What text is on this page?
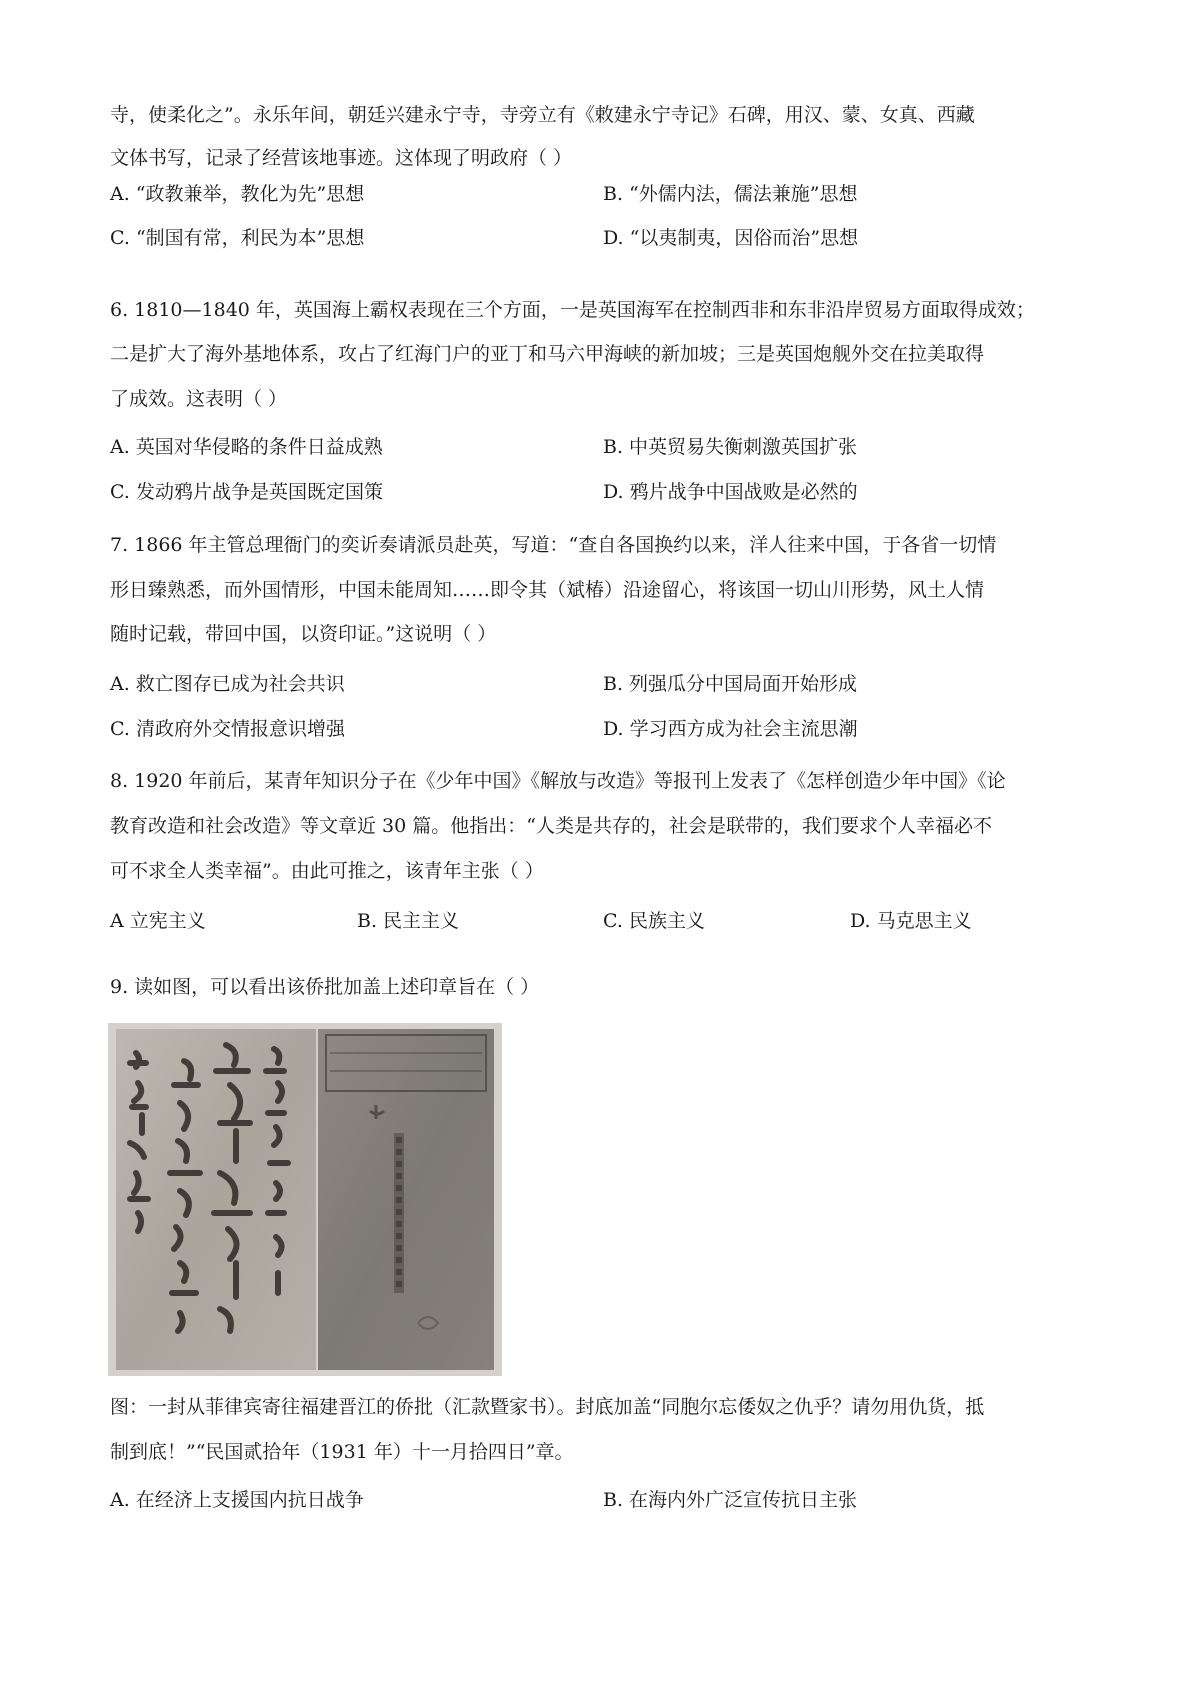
寺，使柔化之”。永乐年间，朝廷兴建永宁寺，寺旁立有《敕建永宁寺记》石碑，用汉、蒙、女真、西藏
文体书写，记录了经营该地事迹。这体现了明政府（ ）
A. “政教兼举，教化为先”思想	B. “外儒内法，儒法兼施”思想
C. “制国有常，利民为本”思想	D. “以夷制夷，因俗而治”思想
6. 1810—1840 年，英国海上霸权表现在三个方面，一是英国海军在控制西非和东非沿岸贸易方面取得成效；
二是扩大了海外基地体系，攻占了红海门户的亚丁和马六甲海峡的新加坡；三是英国炮舰外交在拉美取得
了成效。这表明（ ）
A. 英国对华侵略的条件日益成熟	B. 中英贸易失衡刺激英国扩张
C. 发动鸦片战争是英国既定国策	D. 鸦片战争中国战败是必然的
7. 1866 年主管总理衙门的奕䜣奏请派员赴英，写道：“查自各国换约以来，洋人往来中国，于各省一切情
形日臻熟悉，而外国情形，中国未能周知……即令其（斌椿）沿途留心，将该国一切山川形势，风土人情
随时记载，带回中国，以资印证。”这说明（ ）
A. 救亡图存已成为社会共识	B. 列强瓜分中国局面开始形成
C. 清政府外交情报意识增强	D. 学习西方成为社会主流思潮
8. 1920 年前后，某青年知识分子在《少年中国》《解放与改造》等报刊上发表了《怎样创造少年中国》《论
教育改造和社会改造》等文章近 30 篇。他指出：“人类是共存的，社会是联带的，我们要求个人幸福必不
可不求全人类幸福”。由此可推之，该青年主张（ ）
A 立宪主义	B. 民主主义	C. 民族主义	D. 马克思主义
9. 读如图，可以看出该侨批加盖上述印章旨在（ ）
图：一封从菲律宾寄往福建晋江的侨批（汇款暨家书）。封底加盖“同胞尔忘倭奴之仇乎？请勿用仇货，抵
制到底！”“民国贰拾年（1931 年）十一月拾四日”章。
A. 在经济上支援国内抗日战争	B. 在海内外广泛宣传抗日主张
